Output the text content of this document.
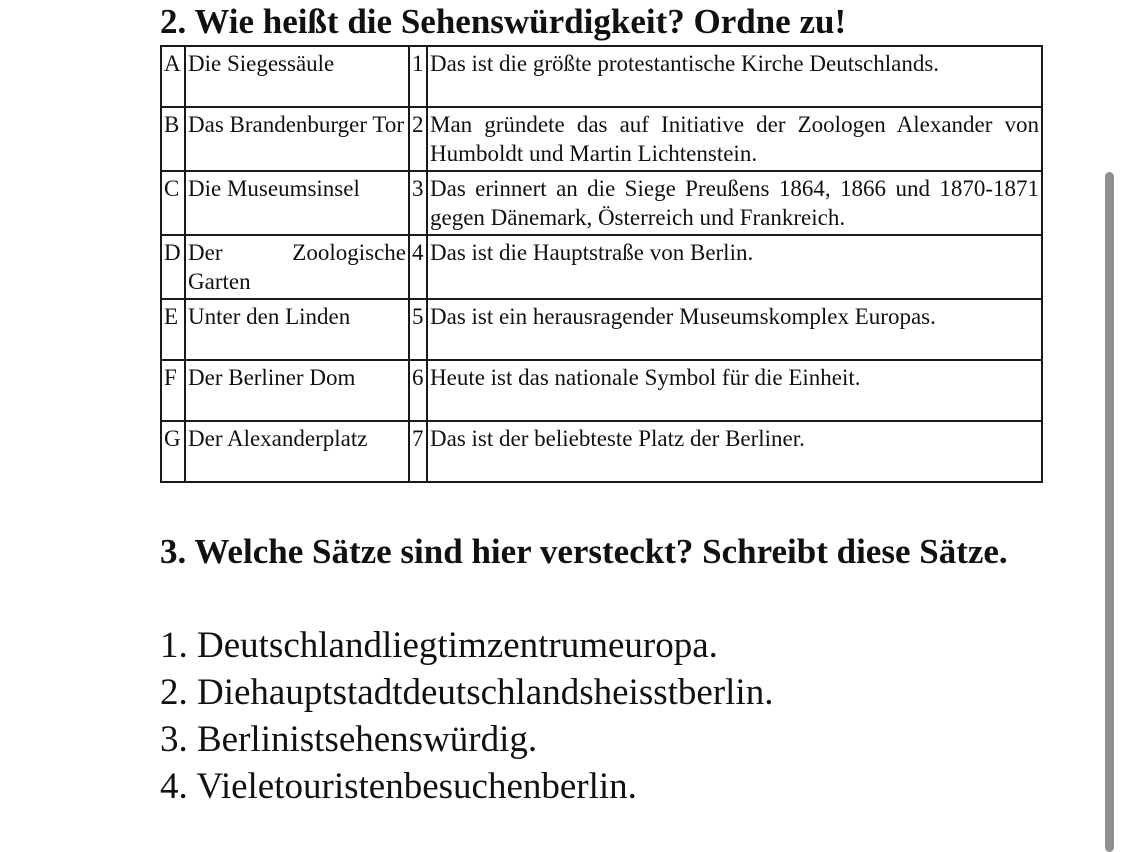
2. Wie heißt die Sehenswürdigkeit? Ordne zu!
A	Die Siegessäule	1	Das ist die größte protestantische Kirche Deutschlands.
B	Das Brandenburger Tor	2	Man gründete das auf Initiative der Zoologen Alexander von Humboldt und Martin Lichtenstein.
C	Die Museumsinsel	3	Das erinnert an die Siege Preußens 1864, 1866 und 1870-1871 gegen Dänemark, Österreich und Frankreich.
D	Der Zoologische Garten	4	Das ist die Hauptstraße von Berlin.
E	Unter den Linden	5	Das ist ein herausragender Museumskomplex Europas.
F	Der Berliner Dom	6	Heute ist das nationale Symbol für die Einheit.
G	Der Alexanderplatz	7	Das ist der beliebteste Platz der Berliner.
3. Welche Sätze sind hier versteckt? Schreibt diese Sätze.
1. Deutschlandliegtimzentrumeuropa.
2. Diehauptstadtdeutschlandsheisstberlin.
3. Berlinistsehenswürdig.
4. Vieletouristenbesuchenberlin.
